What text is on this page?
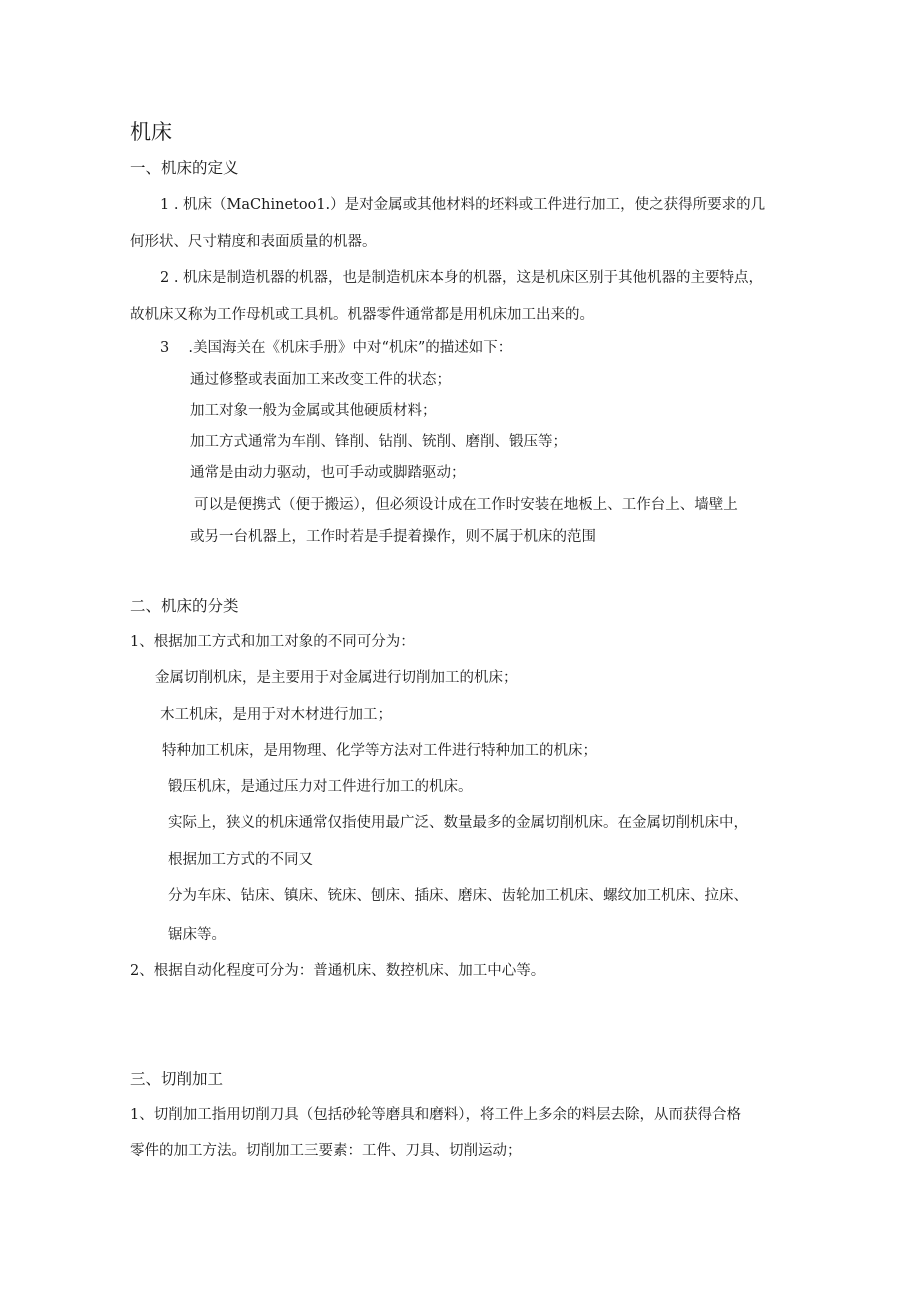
机床
一、机床的定义
1 . 机床（MaChinetoo1.）是对金属或其他材料的坯料或工件进行加工，使之获得所要求的几
何形状、尺寸精度和表面质量的机器。
2 . 机床是制造机器的机器，也是制造机床本身的机器，这是机床区别于其他机器的主要特点，
故机床又称为工作母机或工具机。机器零件通常都是用机床加工出来的。
3　 .美国海关在《机床手册》中对“机床”的描述如下：
通过修整或表面加工来改变工件的状态；
加工对象一般为金属或其他硬质材料；
加工方式通常为车削、锋削、钻削、铳削、磨削、锻压等；
通常是由动力驱动，也可手动或脚踏驱动；
可以是便携式（便于搬运），但必须设计成在工作时安装在地板上、工作台上、墙壁上
或另一台机器上，工作时若是手提着操作，则不属于机床的范围
二、机床的分类
1、根据加工方式和加工对象的不同可分为：
金属切削机床，是主要用于对金属进行切削加工的机床；
木工机床，是用于对木材进行加工；
特种加工机床，是用物理、化学等方法对工件进行特种加工的机床；
锻压机床，是通过压力对工件进行加工的机床。
实际上，狭义的机床通常仅指使用最广泛、数量最多的金属切削机床。在金属切削机床中，
根据加工方式的不同又
分为车床、钻床、镇床、铳床、刨床、插床、磨床、齿轮加工机床、螺纹加工机床、拉床、
锯床等。
2、根据自动化程度可分为：普通机床、数控机床、加工中心等。
三、切削加工
1、切削加工指用切削刀具（包括砂轮等磨具和磨料），将工件上多余的料层去除，从而获得合格
零件的加工方法。切削加工三要素：工件、刀具、切削运动；
